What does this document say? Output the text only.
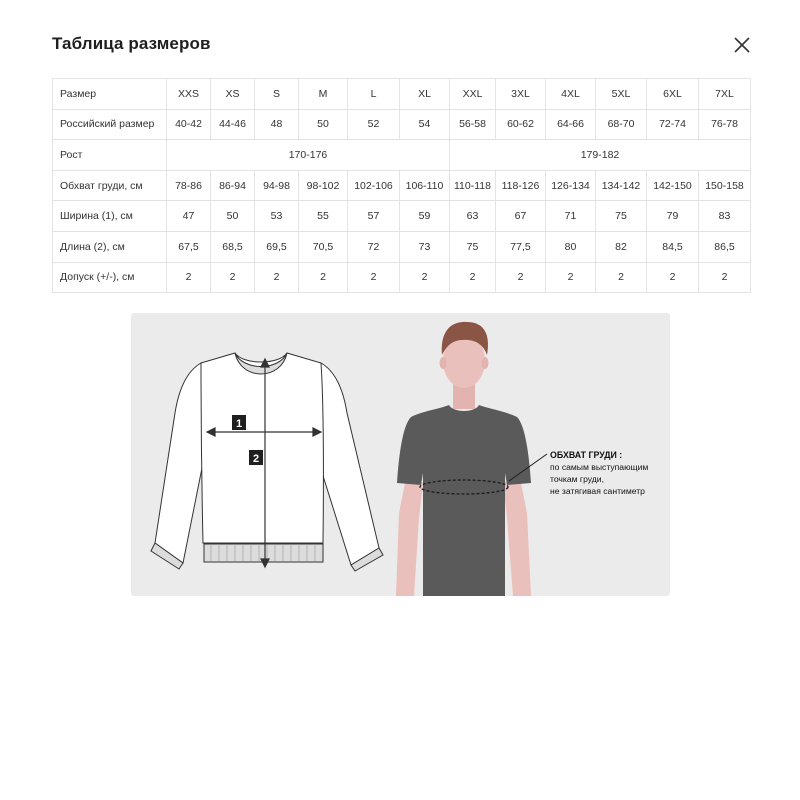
Таблица размеров
Размер	XXS	XS	S	M	L	XL	XXL	3XL	4XL	5XL	6XL	7XL
Российский размер	40-42	44-46	48	50	52	54	56-58	60-62	64-66	68-70	72-74	76-78
Рост	170-176						179-182					
Обхват груди, см	78-86	86-94	94-98	98-102	102-106	106-110	110-118	118-126	126-134	134-142	142-150	150-158
Ширина (1), см	47	50	53	55	57	59	63	67	71	75	79	83
Длина (2), см	67,5	68,5	69,5	70,5	72	73	75	77,5	80	82	84,5	86,5
Допуск (+/-), см	2	2	2	2	2	2	2	2	2	2	2	2
1
2	ОБХВАТ ГРУДИ :
по самым выступающим
точкам груди,
не затягивая сантиметр
